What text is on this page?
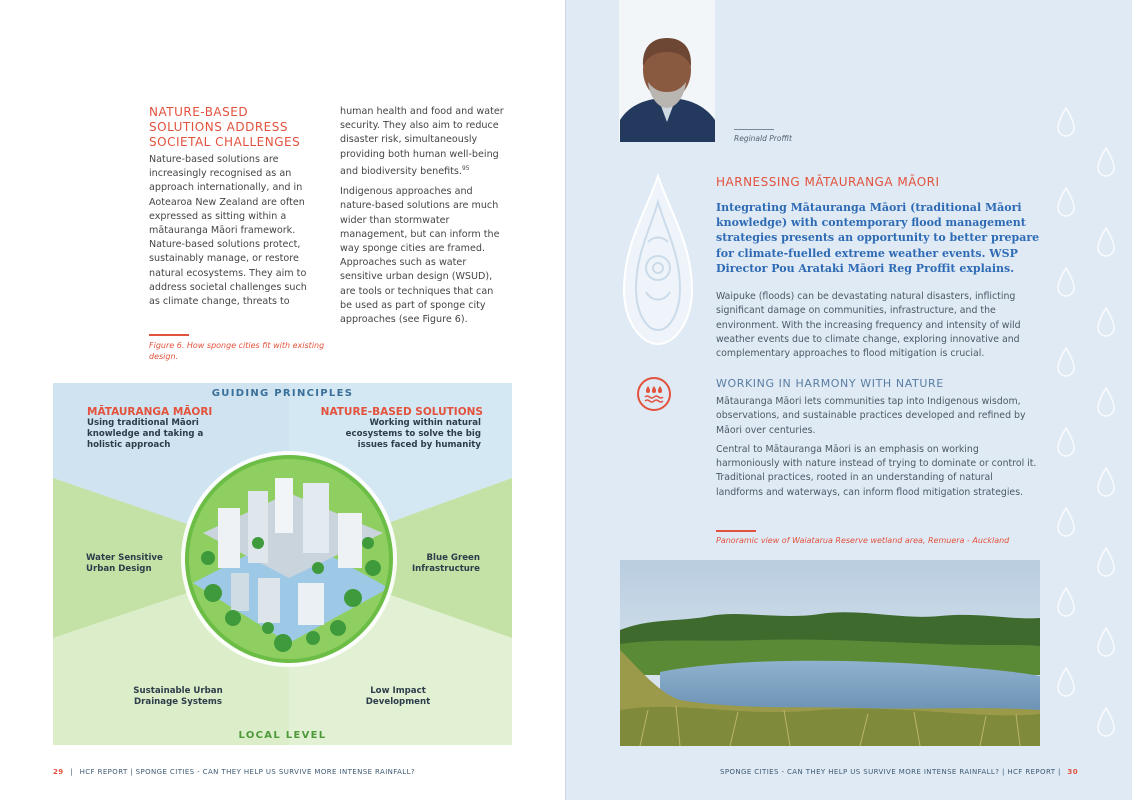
NATURE-BASED SOLUTIONS ADDRESS SOCIETAL CHALLENGES

Nature-based solutions are increasingly recognised as an approach internationally, and in Aotearoa New Zealand are often expressed as sitting within a mātauranga Māori framework. Nature-based solutions protect, sustainably manage, or restore natural ecosystems. They aim to address societal challenges such as climate change, threats to

human health and food and water security. They also aim to reduce disaster risk, simultaneously providing both human well-being and biodiversity benefits.$^{95}$

Indigenous approaches and nature-based solutions are much wider than stormwater management, but can inform the way sponge cities are framed. Approaches such as water sensitive urban design (WSUD), are tools or techniques that can be used as part of sponge city approaches (see Figure 6).

Figure 6. How sponge cities fit with existing design.
GUIDING PRINCIPLES
MĀTAURANGA MĀORI
Using traditional Māori knowledge and taking a holistic approach
NATURE-BASED SOLUTIONS
Working within natural ecosystems to solve the big issues faced by humanity
Water Sensitive Urban Design
Blue Green Infrastructure
Sustainable Urban Drainage Systems
Low Impact Development
LOCAL LEVEL
29 | HCF REPORT | SPONGE CITIES - CAN THEY HELP US SURVIVE MORE INTENSE RAINFALL?
Reginald Proffit
HARNESSING MĀTAURANGA MĀORI
Integrating Mātauranga Māori (traditional Māori knowledge) with contemporary flood management strategies presents an opportunity to better prepare for climate-fuelled extreme weather events. WSP Director Pou Arataki Māori Reg Proffit explains.

Waipuke (floods) can be devastating natural disasters, inflicting significant damage on communities, infrastructure, and the environment. With the increasing frequency and intensity of wild weather events due to climate change, exploring innovative and complementary approaches to flood mitigation is crucial.

WORKING IN HARMONY WITH NATURE

Mātauranga Māori lets communities tap into Indigenous wisdom, observations, and sustainable practices developed and refined by Māori over centuries.

Central to Mātauranga Māori is an emphasis on working harmoniously with nature instead of trying to dominate or control it. Traditional practices, rooted in an understanding of natural landforms and waterways, can inform flood mitigation strategies.

Panoramic view of Waiatarua Reserve wetland area, Remuera - Auckland
SPONGE CITIES - CAN THEY HELP US SURVIVE MORE INTENSE RAINFALL? | HCF REPORT | 30
